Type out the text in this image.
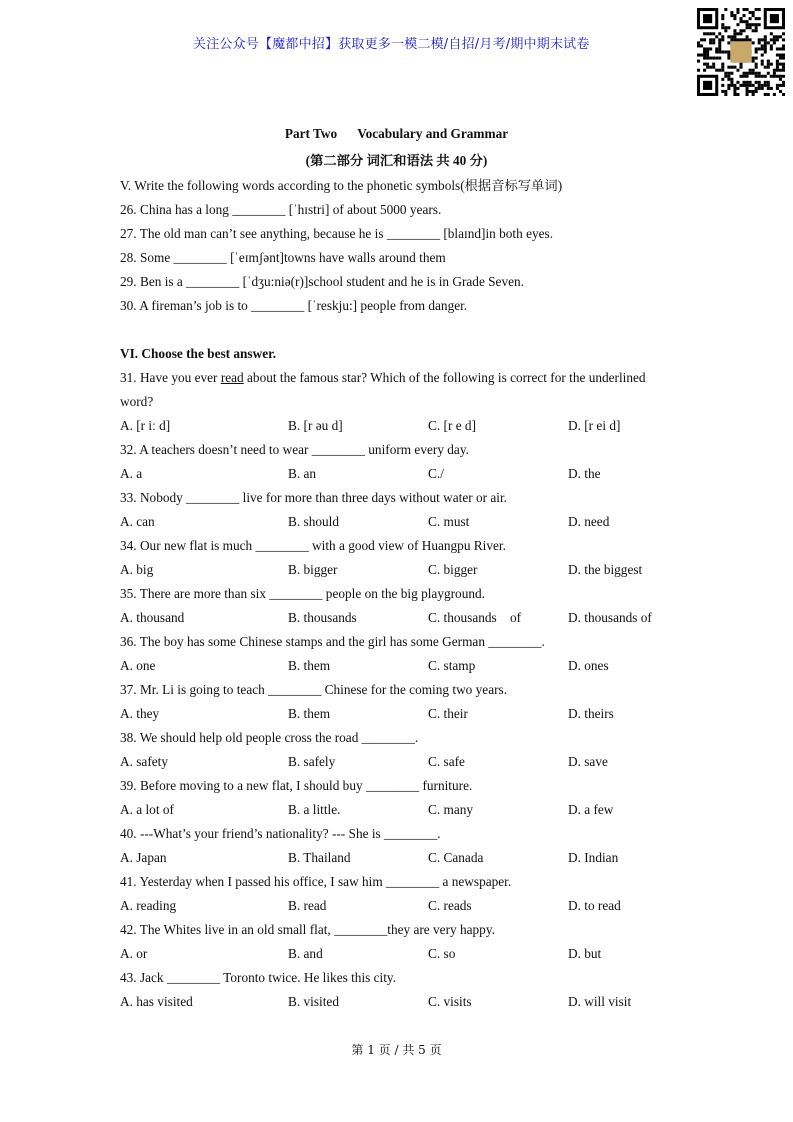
关注公众号【魔都中招】获取更多一模二模/自招/月考/期中期末试卷
Part Two Vocabulary and Grammar
(第二部分 词汇和语法 共 40 分)
V. Write the following words according to the phonetic symbols(根据音标写单词)
26. China has a long ________ [ˈhɪstri] of about 5000 years.
27. The old man can’t see anything, because he is ________ [blaɪnd]in both eyes.
28. Some ________ [ˈeɪmʃənt]towns have walls around them
29. Ben is a ________ [ˈdʒu:niə(r)]school student and he is in Grade Seven.
30. A fireman’s job is to ________ [ˈreskju:] people from danger.
VI. Choose the best answer.
31. Have you ever read about the famous star? Which of the following is correct for the underlined
word?
A. [r iː d]	B. [r əu d]	C. [r e d]	D. [r ei d]
32. A teachers doesn’t need to wear ________ uniform every day.
A. a	B. an	C./	D. the
33. Nobody ________ live for more than three days without water or air.
A. can	B. should	C. must	D. need
34. Our new flat is much ________ with a good view of Huangpu River.
A. big	B. bigger	C. bigger	D. the biggest
35. There are more than six ________ people on the big playground.
A. thousand	B. thousands	C. thousands    of	D. thousands of
36. The boy has some Chinese stamps and the girl has some German ________.
A. one	B. them	C. stamp	D. ones
37. Mr. Li is going to teach ________ Chinese for the coming two years.
A. they	B. them	C. their	D. theirs
38. We should help old people cross the road ________.
A. safety	B. safely	C. safe	D. save
39. Before moving to a new flat, I should buy ________ furniture.
A. a lot of	B. a little.	C. many	D. a few
40. ---What’s your friend’s nationality? --- She is ________.
A. Japan	B. Thailand	C. Canada	D. Indian
41. Yesterday when I passed his office, I saw him ________ a newspaper.
A. reading	B. read	C. reads	D. to read
42. The Whites live in an old small flat, ________they are very happy.
A. or	B. and	C. so	D. but
43. Jack ________ Toronto twice. He likes this city.
A. has visited	B. visited	C. visits	D. will visit
第 1 页 / 共 5 页
